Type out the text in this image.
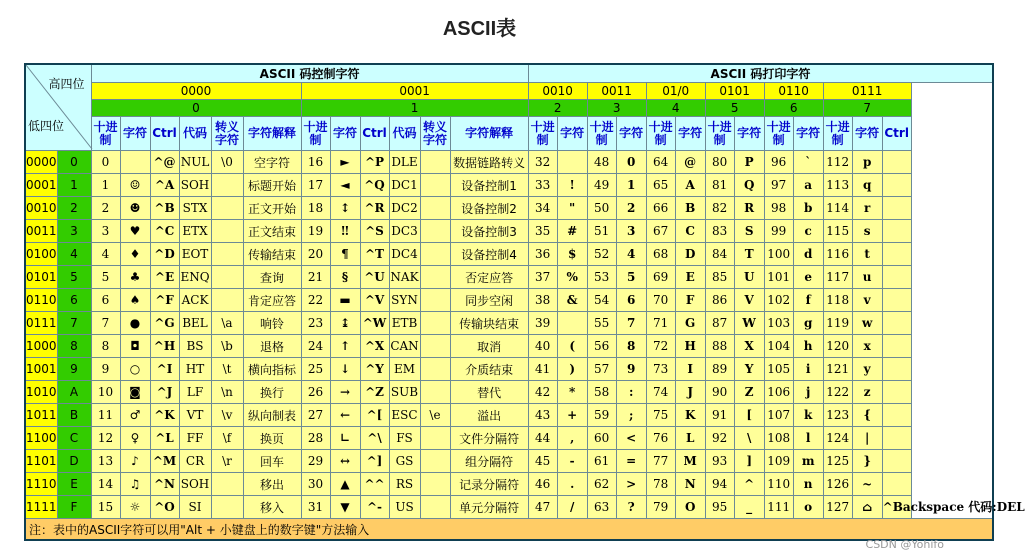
ASCII表
高四位
低四位		ASCII 码控制字符												ASCII 码打印字符												
		0000						0001						0010		0011		01/0		0101		0110		0111		
		0						1						2		3		4		5		6		7		
		十进制	字符	Ctrl	代码	转义字符	字符解释	十进制	字符	Ctrl	代码	转义字符	字符解释	十进制	字符	十进制	字符	十进制	字符	十进制	字符	十进制	字符	十进制	字符	Ctrl
0000	0	0		^@	NUL	\0	空字符	16	►	^P	DLE		数据链路转义	32		48	0	64	@	80	P	96	`	112	p	
0001	1	1	☺	^A	SOH		标题开始	17	◄	^Q	DC1		设备控制1	33	!	49	1	65	A	81	Q	97	a	113	q	
0010	2	2	☻	^B	STX		正文开始	18	↕	^R	DC2		设备控制2	34	"	50	2	66	B	82	R	98	b	114	r	
0011	3	3	♥	^C	ETX		正文结束	19	‼	^S	DC3		设备控制3	35	#	51	3	67	C	83	S	99	c	115	s	
0100	4	4	♦	^D	EOT		传输结束	20	¶	^T	DC4		设备控制4	36	$	52	4	68	D	84	T	100	d	116	t	
0101	5	5	♣	^E	ENQ		查询	21	§	^U	NAK		否定应答	37	%	53	5	69	E	85	U	101	e	117	u	
0110	6	6	♠	^F	ACK		肯定应答	22	▬	^V	SYN		同步空闲	38	&	54	6	70	F	86	V	102	f	118	v	
0111	7	7	●	^G	BEL	\a	响铃	23	↨	^W	ETB		传输块结束	39		55	7	71	G	87	W	103	g	119	w	
1000	8	8	◘	^H	BS	\b	退格	24	↑	^X	CAN		取消	40	(	56	8	72	H	88	X	104	h	120	x	
1001	9	9	○	^I	HT	\t	横向指标	25	↓	^Y	EM		介质结束	41	)	57	9	73	I	89	Y	105	i	121	y	
1010	A	10	◙	^J	LF	\n	换行	26	→	^Z	SUB		替代	42	*	58	:	74	J	90	Z	106	j	122	z	
1011	B	11	♂	^K	VT	\v	纵向制表	27	←	^[	ESC	\e	溢出	43	+	59	;	75	K	91	[	107	k	123	{	
1100	C	12	♀	^L	FF	\f	换页	28	∟	^\	FS		文件分隔符	44	,	60	<	76	L	92	\	108	l	124	|	
1101	D	13	♪	^M	CR	\r	回车	29	↔	^]	GS		组分隔符	45	-	61	=	77	M	93	]	109	m	125	}	
1110	E	14	♫	^N	SOH		移出	30	▲	^^	RS		记录分隔符	46	.	62	>	78	N	94	^	110	n	126	~	
1111	F	15	☼	^O	SI		移入	31	▼	^-	US		单元分隔符	47	/	63	?	79	O	95	_	111	o	127	⌂	^Backspace 代码:DEL
注：表中的ASCII字符可以用"Alt + 小键盘上的数字键"方法输入																										
CSDN @Yohifo
